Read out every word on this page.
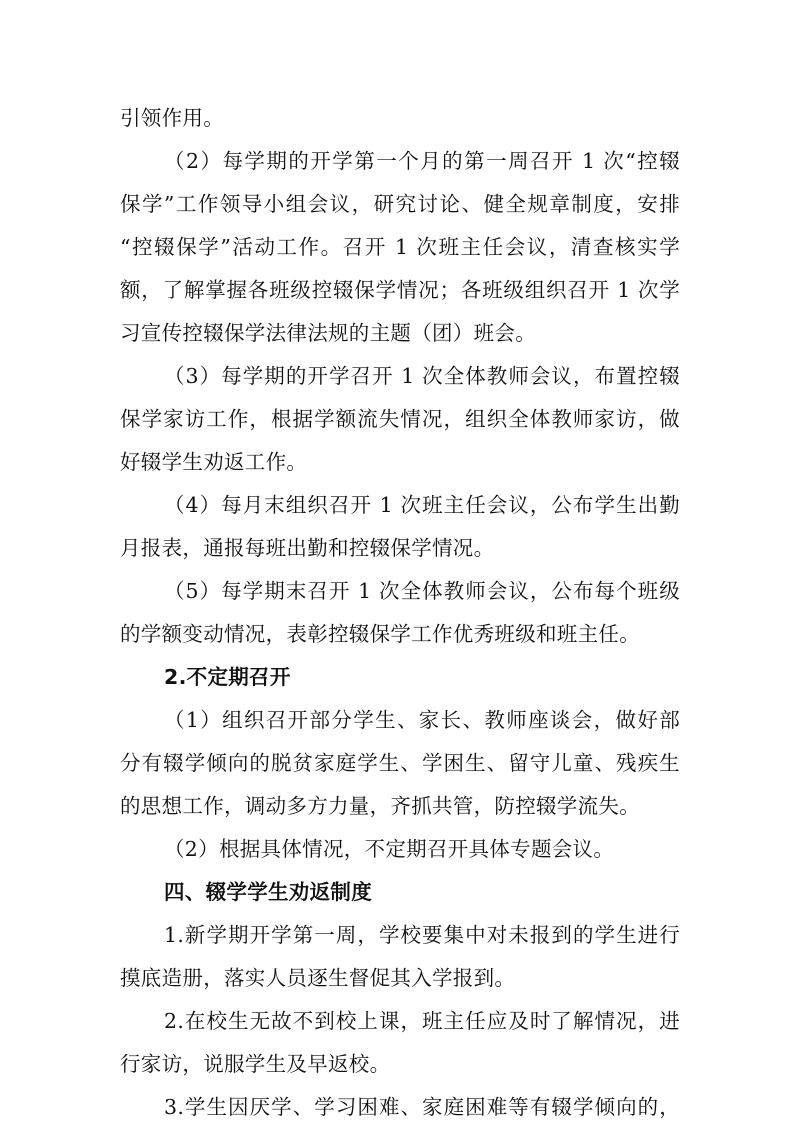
引领作用。
（2）每学期的开学第一个月的第一周召开 1 次“控辍
保学”工作领导小组会议，研究讨论、健全规章制度，安排
“控辍保学”活动工作。召开 1 次班主任会议，清查核实学
额，了解掌握各班级控辍保学情况；各班级组织召开 1 次学
习宣传控辍保学法律法规的主题（团）班会。
（3）每学期的开学召开 1 次全体教师会议，布置控辍
保学家访工作，根据学额流失情况，组织全体教师家访，做
好辍学生劝返工作。
（4）每月末组织召开 1 次班主任会议，公布学生出勤
月报表，通报每班出勤和控辍保学情况。
（5）每学期末召开 1 次全体教师会议，公布每个班级
的学额变动情况，表彰控辍保学工作优秀班级和班主任。
2.不定期召开
（1）组织召开部分学生、家长、教师座谈会，做好部
分有辍学倾向的脱贫家庭学生、学困生、留守儿童、残疾生
的思想工作，调动多方力量，齐抓共管，防控辍学流失。
（2）根据具体情况，不定期召开具体专题会议。
四、辍学学生劝返制度
1.新学期开学第一周，学校要集中对未报到的学生进行
摸底造册，落实人员逐生督促其入学报到。
2.在校生无故不到校上课，班主任应及时了解情况，进
行家访，说服学生及早返校。
3.学生因厌学、学习困难、家庭困难等有辍学倾向的，
